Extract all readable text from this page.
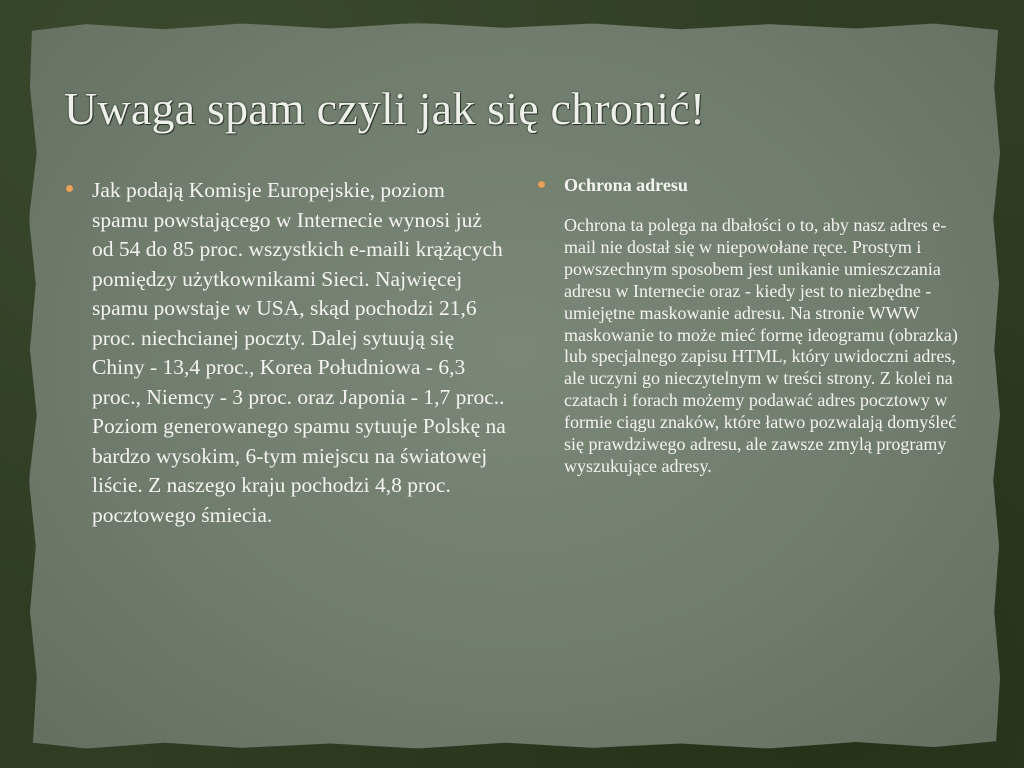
Uwaga spam czyli jak się chronić!
Jak podają Komisje Europejskie, poziom spamu powstającego w Internecie wynosi już od 54 do 85 proc. wszystkich e-maili krążących pomiędzy użytkownikami Sieci. Najwięcej spamu powstaje w USA, skąd pochodzi 21,6 proc. niechcianej poczty. Dalej sytuują się Chiny - 13,4 proc., Korea Południowa - 6,3 proc., Niemcy - 3 proc. oraz Japonia - 1,7 proc.. Poziom generowanego spamu sytuuje Polskę na bardzo wysokim, 6-tym miejscu na światowej liście. Z naszego kraju pochodzi 4,8 proc. pocztowego śmiecia.
Ochrona adresu
Ochrona ta polega na dbałości o to, aby nasz adres e-mail nie dostał się w niepowołane ręce. Prostym i powszechnym sposobem jest unikanie umieszczania adresu w Internecie oraz - kiedy jest to niezbędne - umiejętne maskowanie adresu. Na stronie WWW maskowanie to może mieć formę ideogramu (obrazka) lub specjalnego zapisu HTML, który uwidoczni adres, ale uczyni go nieczytelnym w treści strony. Z kolei na czatach i forach możemy podawać adres pocztowy w formie ciągu znaków, które łatwo pozwalają domyśleć się prawdziwego adresu, ale zawsze zmylą programy wyszukujące adresy.
